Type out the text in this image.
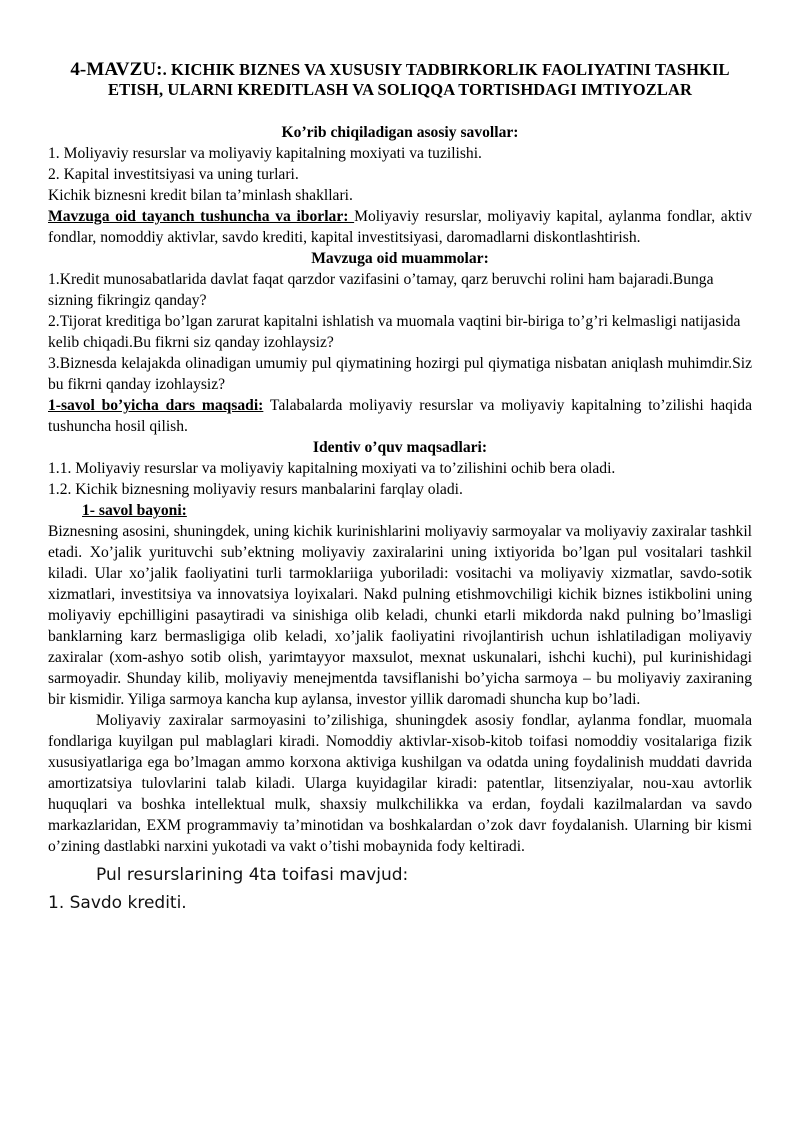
4-MAVZU:. KICHIK BIZNES VA XUSUSIY TADBIRKORLIK FAOLIYATINI TASHKIL ETISH, ULARNI KREDITLASH VA SOLIQQA TORTISHDAGI IMTIYOZLAR

Ko’rib chiqiladigan asosiy savollar:

1. Moliyaviy resurslar va moliyaviy kapitalning moxiyati va tuzilishi.

2. Kapital investitsiyasi va uning turlari.

Kichik biznesni kredit bilan ta’minlash shakllari.

Mavzuga oid tayanch tushuncha va iborlar: Moliyaviy resurslar, moliyaviy kapital, aylanma fondlar, aktiv fondlar, nomoddiy aktivlar, savdo krediti, kapital investitsiyasi, daromadlarni diskontlashtirish.

Mavzuga oid muammolar:

1.Kredit munosabatlarida davlat faqat qarzdor vazifasini o’tamay, qarz beruvchi rolini ham bajaradi.Bunga sizning fikringiz qanday?

2.Tijorat kreditiga bo’lgan zarurat kapitalni ishlatish va muomala vaqtini bir-biriga to’g’ri kelmasligi natijasida kelib chiqadi.Bu fikrni siz qanday izohlaysiz?

3.Biznesda kelajakda olinadigan umumiy pul qiymatining hozirgi pul qiymatiga nisbatan aniqlash muhimdir.Siz bu fikrni qanday izohlaysiz?

1-savol bo’yicha dars maqsadi: Talabalarda moliyaviy resurslar va moliyaviy kapitalning to’zilishi haqida tushuncha hosil qilish.

Identiv o’quv maqsadlari:

1.1. Moliyaviy resurslar va moliyaviy kapitalning moxiyati va to’zilishini ochib bera oladi.

1.2. Kichik biznesning moliyaviy resurs manbalarini farqlay oladi.

1- savol bayoni:

Biznesning asosini, shuningdek, uning kichik kurinishlarini moliyaviy sarmoyalar va moliyaviy zaxiralar tashkil etadi. Xo’jalik yurituvchi sub’ektning moliyaviy zaxiralarini uning ixtiyorida bo’lgan pul vositalari tashkil kiladi. Ular xo’jalik faoliyatini turli tarmoklariiga yuboriladi: vositachi va moliyaviy xizmatlar, savdo-sotik xizmatlari, investitsiya va innovatsiya loyixalari. Nakd pulning etishmovchiligi kichik biznes istikbolini uning moliyaviy epchilligini pasaytiradi va sinishiga olib keladi, chunki etarli mikdorda nakd pulning bo’lmasligi banklarning karz bermasligiga olib keladi, xo’jalik faoliyatini rivojlantirish uchun ishlatiladigan moliyaviy zaxiralar (xom-ashyo sotib olish, yarimtayyor maxsulot, mexnat uskunalari, ishchi kuchi), pul kurinishidagi sarmoyadir. Shunday kilib, moliyaviy menejmentda tavsiflanishi bo’yicha sarmoya – bu moliyaviy zaxiraning bir kismidir. Yiliga sarmoya kancha kup aylansa, investor yillik daromadi shuncha kup bo’ladi.

Moliyaviy zaxiralar sarmoyasini to’zilishiga, shuningdek asosiy fondlar, aylanma fondlar, muomala fondlariga kuyilgan pul mablaglari kiradi. Nomoddiy aktivlar-xisob-kitob toifasi nomoddiy vositalariga fizik xususiyatlariga ega bo’lmagan ammo korxona aktiviga kushilgan va odatda uning foydalinish muddati davrida amortizatsiya tulovlarini talab kiladi. Ularga kuyidagilar kiradi: patentlar, litsenziyalar, nou-xau avtorlik huquqlari va boshka intellektual mulk, shaxsiy mulkchilikka va erdan, foydali kazilmalardan va savdo markazlaridan, EXM programmaviy ta’minotidan va boshkalardan o’zok davr foydalanish. Ularning bir kismi o’zining dastlabki narxini yukotadi va vakt o’tishi mobaynida fody keltiradi.

Pul resurslarining 4ta toifasi mavjud:

1. Savdo krediti.
